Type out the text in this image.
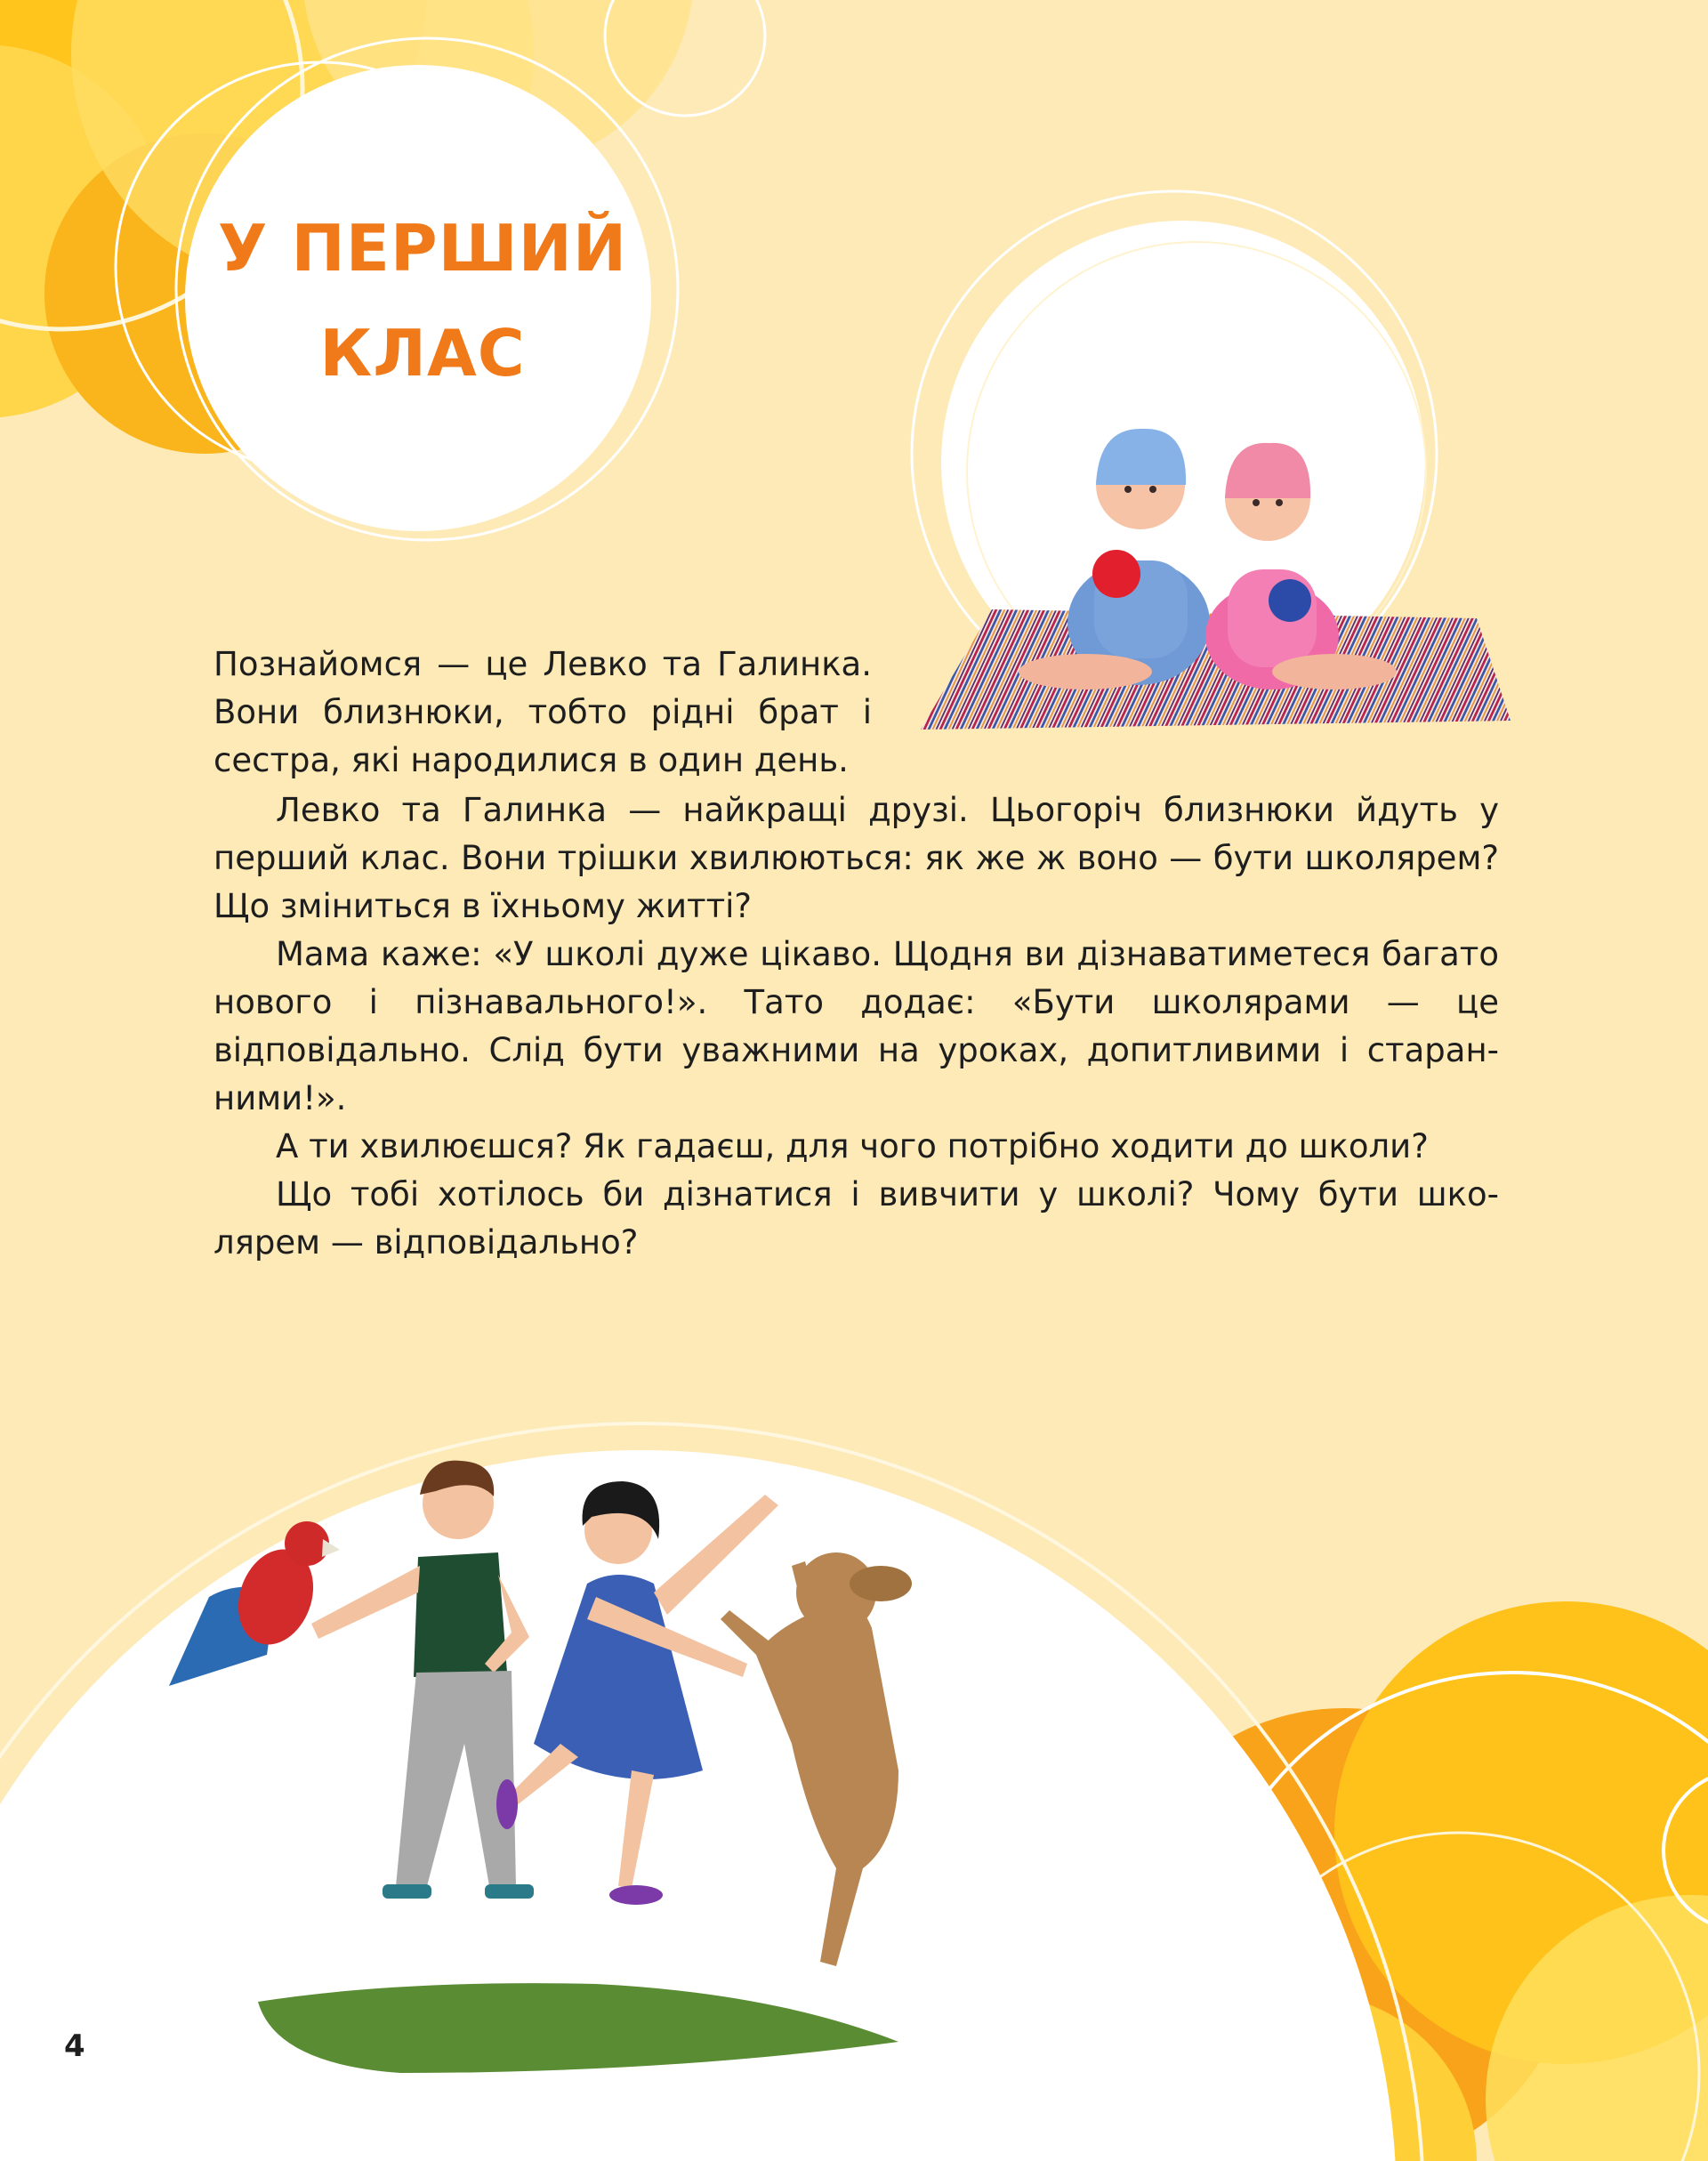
У ПЕРШИЙ
КЛАС

Познайомся — це Левко та Галинка. Вони близнюки, тобто рідні брат і сестра, які народилися в один день.

Левко та Галинка — найкращі друзі. Цьогоріч близнюки йдуть у перший клас. Вони трішки хвилюються: як же ж воно — бути школярем? Що зміниться в їхньому житті?

Мама каже: «У школі дуже цікаво. Щодня ви дізнаватиметеся багато нового і пізнавального!». Тато додає: «Бути школярами — це відповідально. Слід бути уважними на уроках, допитливими і старанними!».

А ти хвилюєшся? Як гадаєш, для чого потрібно ходити до школи?

Що тобі хотілось би дізнатися і вивчити у школі? Чому бути школярем — відповідально?

4
